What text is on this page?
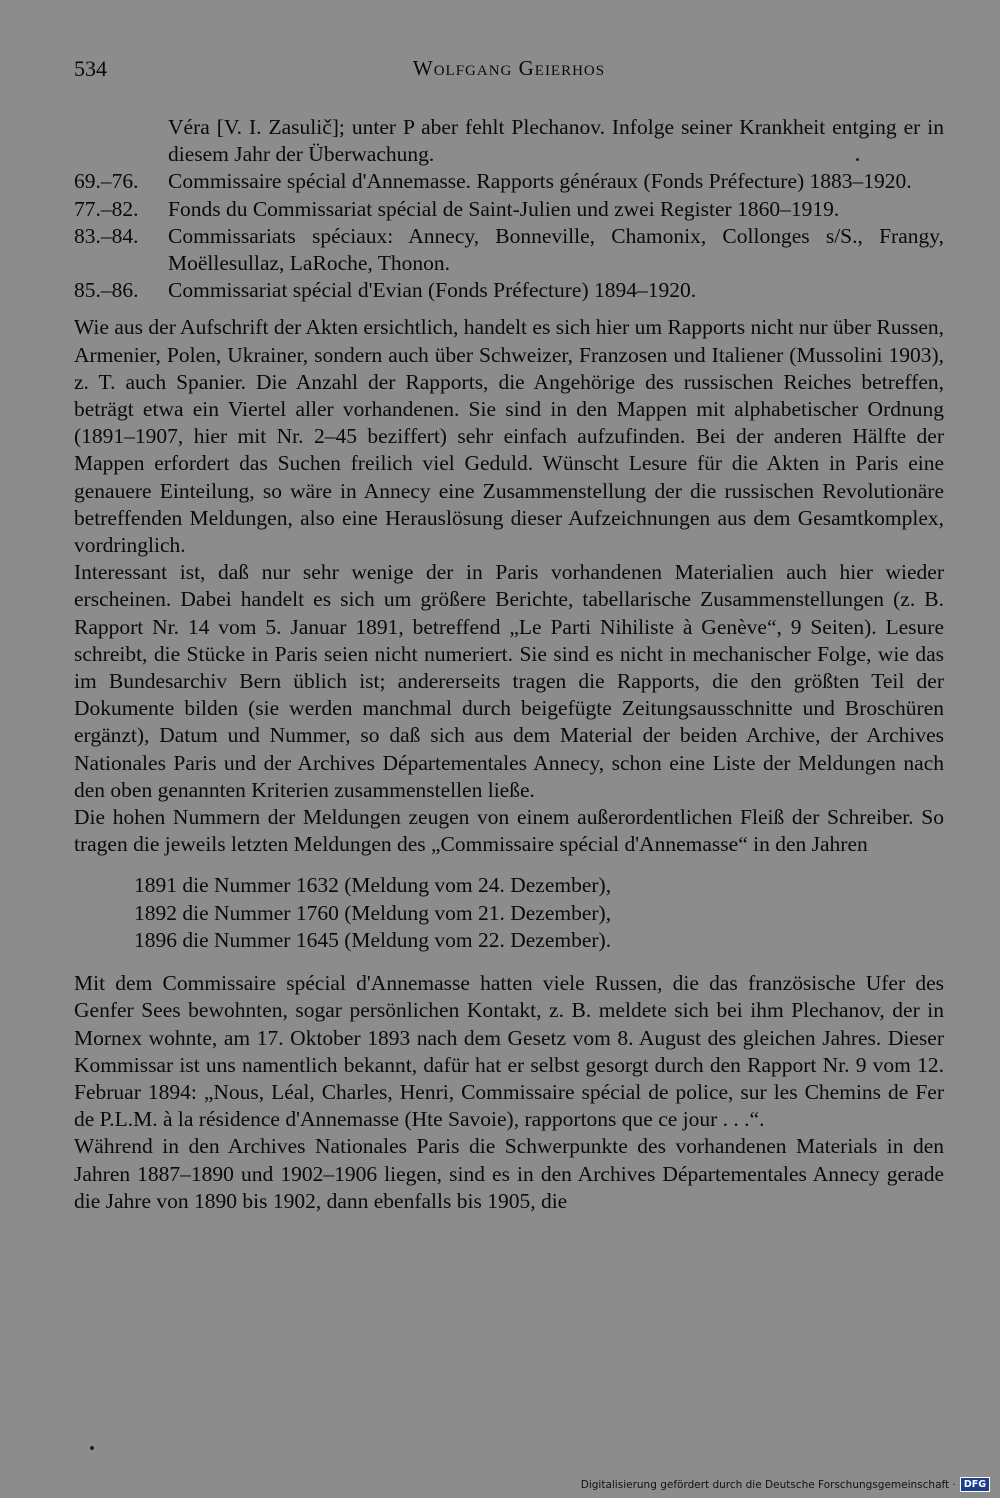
534	Wolfgang Geierhos
Véra [V. I. Zasulič]; unter P aber fehlt Plechanov. Infolge seiner Krankheit entging er in diesem Jahr der Überwachung.
69.–76.	Commissaire spécial d'Annemasse. Rapports généraux (Fonds Préfecture) 1883–1920.
77.–82.	Fonds du Commissariat spécial de Saint-Julien und zwei Register 1860–1919.
83.–84.	Commissariats spéciaux: Annecy, Bonneville, Chamonix, Collonges s/S., Frangy, Moëllesullaz, LaRoche, Thonon.
85.–86.	Commissariat spécial d'Evian (Fonds Préfecture) 1894–1920.

Wie aus der Aufschrift der Akten ersichtlich, handelt es sich hier um Rapports nicht nur über Russen, Armenier, Polen, Ukrainer, sondern auch über Schweizer, Franzosen und Italiener (Mussolini 1903), z. T. auch Spanier. Die Anzahl der Rapports, die Angehörige des russischen Reiches betreffen, beträgt etwa ein Viertel aller vorhandenen. Sie sind in den Mappen mit alphabetischer Ordnung (1891–1907, hier mit Nr. 2–45 beziffert) sehr einfach aufzufinden. Bei der anderen Hälfte der Mappen erfordert das Suchen freilich viel Geduld. Wünscht Lesure für die Akten in Paris eine genauere Einteilung, so wäre in Annecy eine Zusammenstellung der die russischen Revolutionäre betreffenden Meldungen, also eine Herauslösung dieser Aufzeichnungen aus dem Gesamtkomplex, vordringlich.

Interessant ist, daß nur sehr wenige der in Paris vorhandenen Materialien auch hier wieder erscheinen. Dabei handelt es sich um größere Berichte, tabellarische Zusammenstellungen (z. B. Rapport Nr. 14 vom 5. Januar 1891, betreffend „Le Parti Nihiliste à Genève“, 9 Seiten). Lesure schreibt, die Stücke in Paris seien nicht numeriert. Sie sind es nicht in mechanischer Folge, wie das im Bundesarchiv Bern üblich ist; andererseits tragen die Rapports, die den größten Teil der Dokumente bilden (sie werden manchmal durch beigefügte Zeitungsausschnitte und Broschüren ergänzt), Datum und Nummer, so daß sich aus dem Material der beiden Archive, der Archives Nationales Paris und der Archives Départementales Annecy, schon eine Liste der Meldungen nach den oben genannten Kriterien zusammenstellen ließe.

Die hohen Nummern der Meldungen zeugen von einem außerordentlichen Fleiß der Schreiber. So tragen die jeweils letzten Meldungen des „Commissaire spécial d'Annemasse“ in den Jahren

1891 die Nummer 1632 (Meldung vom 24. Dezember),
1892 die Nummer 1760 (Meldung vom 21. Dezember),
1896 die Nummer 1645 (Meldung vom 22. Dezember).

Mit dem Commissaire spécial d'Annemasse hatten viele Russen, die das französische Ufer des Genfer Sees bewohnten, sogar persönlichen Kontakt, z. B. meldete sich bei ihm Plechanov, der in Mornex wohnte, am 17. Oktober 1893 nach dem Gesetz vom 8. August des gleichen Jahres. Dieser Kommissar ist uns namentlich bekannt, dafür hat er selbst gesorgt durch den Rapport Nr. 9 vom 12. Februar 1894: „Nous, Léal, Charles, Henri, Commissaire spécial de police, sur les Chemins de Fer de P.L.M. à la résidence d'Annemasse (Hte Savoie), rapportons que ce jour . . .“.

Während in den Archives Nationales Paris die Schwerpunkte des vorhandenen Materials in den Jahren 1887–1890 und 1902–1906 liegen, sind es in den Archives Départementales Annecy gerade die Jahre von 1890 bis 1902, dann ebenfalls bis 1905, die

Digitalisierung gefördert durch die Deutsche Forschungsgemeinschaft · DFG
